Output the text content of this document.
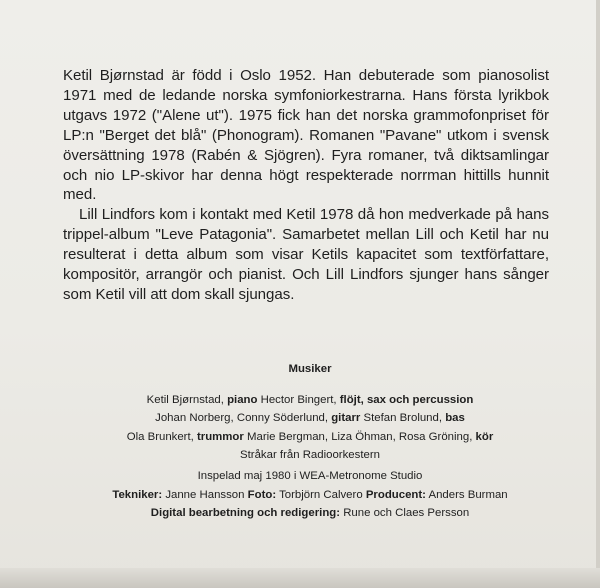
Ketil Bjørnstad är född i Oslo 1952. Han debuterade som pianosolist 1971 med de ledande norska symfoniorkestrarna. Hans första lyrikbok utgavs 1972 ("Alene ut"). 1975 fick han det norska grammofonpriset för LP:n "Berget det blå" (Phonogram). Romanen "Pavane" utkom i svensk översättning 1978 (Rabén & Sjögren). Fyra romaner, två diktsamlingar och nio LP-skivor har denna högt respekterade norrman hittills hunnit med.

Lill Lindfors kom i kontakt med Ketil 1978 då hon medverkade på hans trippel-album "Leve Patagonia". Samarbetet mellan Lill och Ketil har nu resulterat i detta album som visar Ketils kapacitet som textförfattare, kompositör, arrangör och pianist. Och Lill Lindfors sjunger hans sånger som Ketil vill att dom skall sjungas.

Musiker
Ketil Bjørnstad, piano Hector Bingert, flöjt, sax och percussion
Johan Norberg, Conny Söderlund, gitarr Stefan Brolund, bas
Ola Brunkert, trummor Marie Bergman, Liza Öhman, Rosa Gröning, kör
Stråkar från Radioorkestern
Inspelad maj 1980 i WEA-Metronome Studio
Tekniker: Janne Hansson Foto: Torbjörn Calvero Producent: Anders Burman
Digital bearbetning och redigering: Rune och Claes Persson
